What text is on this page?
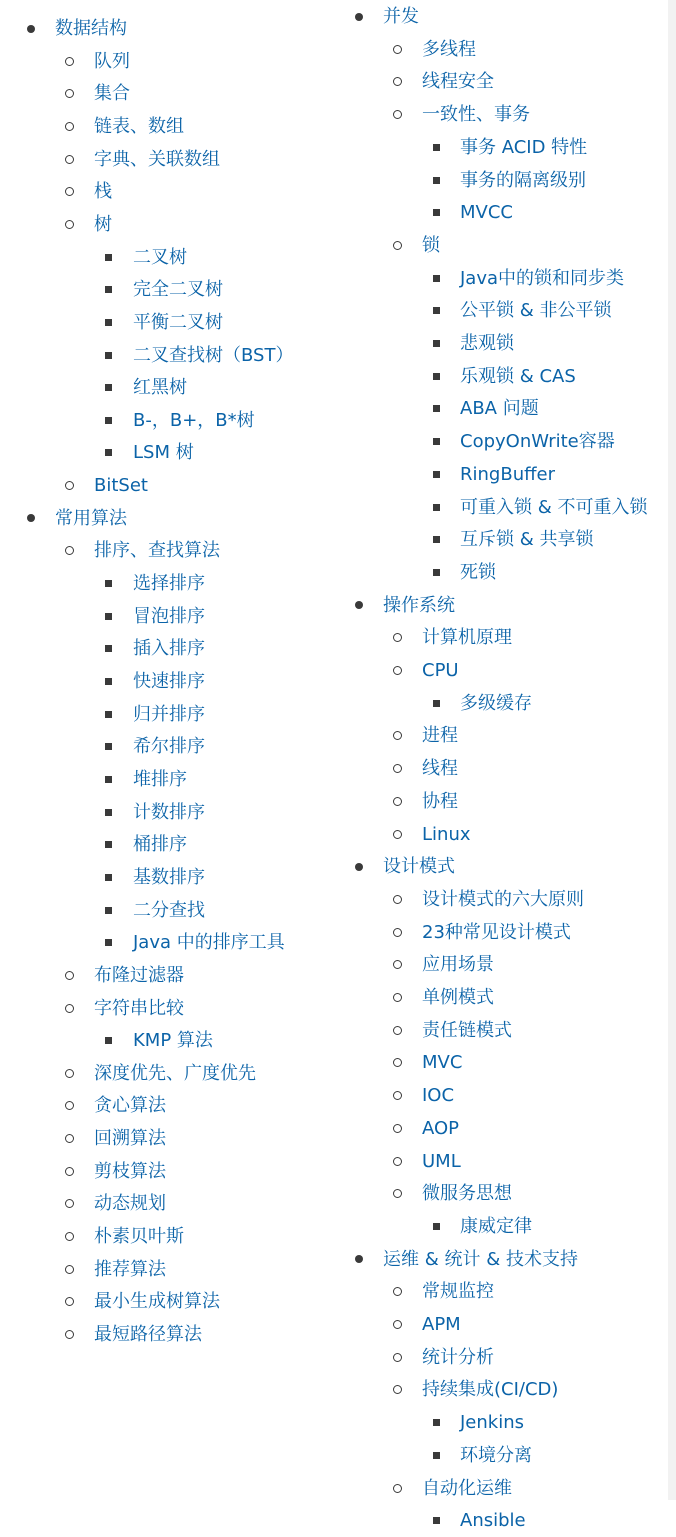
数据结构
队列
集合
链表、数组
字典、关联数组
栈
树
二叉树
完全二叉树
平衡二叉树
二叉查找树（BST）
红黑树
B-，B+，B*树
LSM 树
BitSet
常用算法
排序、查找算法
选择排序
冒泡排序
插入排序
快速排序
归并排序
希尔排序
堆排序
计数排序
桶排序
基数排序
二分查找
Java 中的排序工具
布隆过滤器
字符串比较
KMP 算法
深度优先、广度优先
贪心算法
回溯算法
剪枝算法
动态规划
朴素贝叶斯
推荐算法
最小生成树算法
最短路径算法
并发
多线程
线程安全
一致性、事务
事务 ACID 特性
事务的隔离级别
MVCC
锁
Java中的锁和同步类
公平锁 & 非公平锁
悲观锁
乐观锁 & CAS
ABA 问题
CopyOnWrite容器
RingBuffer
可重入锁 & 不可重入锁
互斥锁 & 共享锁
死锁
操作系统
计算机原理
CPU
多级缓存
进程
线程
协程
Linux
设计模式
设计模式的六大原则
23种常见设计模式
应用场景
单例模式
责任链模式
MVC
IOC
AOP
UML
微服务思想
康威定律
运维 & 统计 & 技术支持
常规监控
APM
统计分析
持续集成(CI/CD)
Jenkins
环境分离
自动化运维
Ansible
